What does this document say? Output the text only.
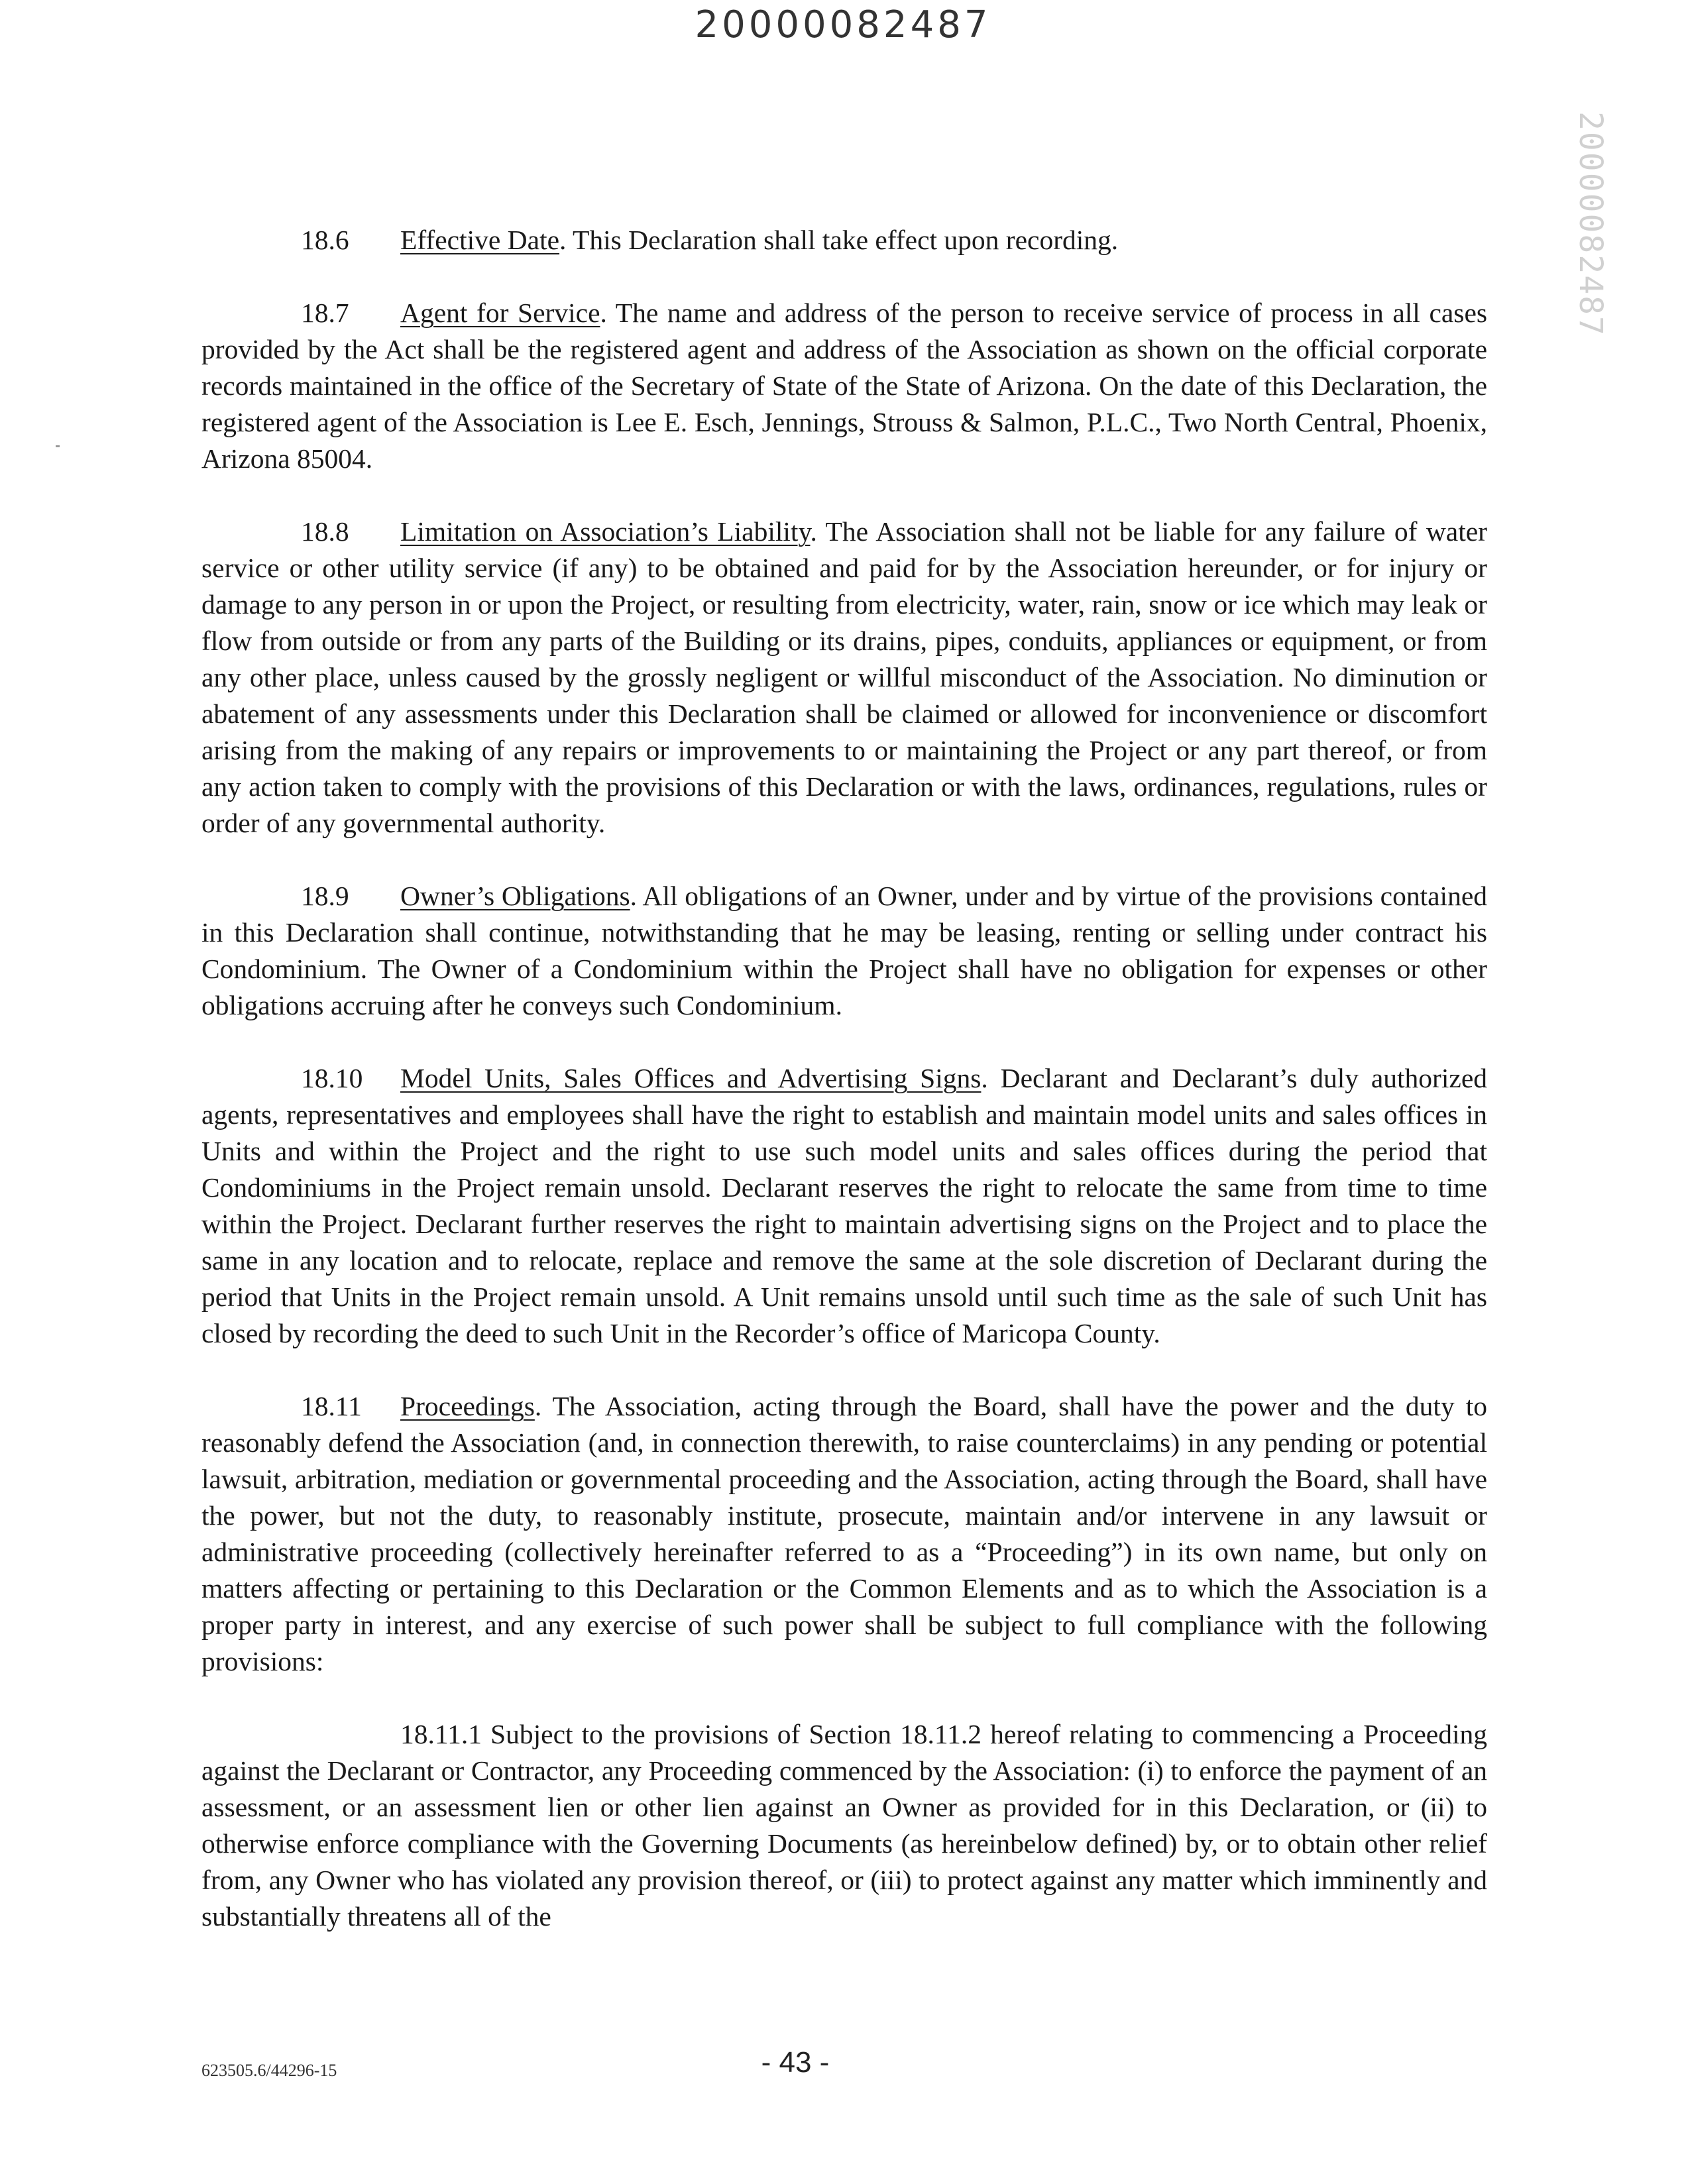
20000082487
20000082487

18.6 Effective Date. This Declaration shall take effect upon recording.

18.7 Agent for Service. The name and address of the person to receive service of process in all cases provided by the Act shall be the registered agent and address of the Association as shown on the official corporate records maintained in the office of the Secretary of State of the State of Arizona. On the date of this Declaration, the registered agent of the Association is Lee E. Esch, Jennings, Strouss & Salmon, P.L.C., Two North Central, Phoenix, Arizona 85004.

18.8 Limitation on Association’s Liability. The Association shall not be liable for any failure of water service or other utility service (if any) to be obtained and paid for by the Association hereunder, or for injury or damage to any person in or upon the Project, or resulting from electricity, water, rain, snow or ice which may leak or flow from outside or from any parts of the Building or its drains, pipes, conduits, appliances or equipment, or from any other place, unless caused by the grossly negligent or willful misconduct of the Association. No diminution or abatement of any assessments under this Declaration shall be claimed or allowed for inconvenience or discomfort arising from the making of any repairs or improvements to or maintaining the Project or any part thereof, or from any action taken to comply with the provisions of this Declaration or with the laws, ordinances, regulations, rules or order of any governmental authority.

18.9 Owner’s Obligations. All obligations of an Owner, under and by virtue of the provisions contained in this Declaration shall continue, notwithstanding that he may be leasing, renting or selling under contract his Condominium. The Owner of a Condominium within the Project shall have no obligation for expenses or other obligations accruing after he conveys such Condominium.

18.10 Model Units, Sales Offices and Advertising Signs. Declarant and Declarant’s duly authorized agents, representatives and employees shall have the right to establish and maintain model units and sales offices in Units and within the Project and the right to use such model units and sales offices during the period that Condominiums in the Project remain unsold. Declarant reserves the right to relocate the same from time to time within the Project. Declarant further reserves the right to maintain advertising signs on the Project and to place the same in any location and to relocate, replace and remove the same at the sole discretion of Declarant during the period that Units in the Project remain unsold. A Unit remains unsold until such time as the sale of such Unit has closed by recording the deed to such Unit in the Recorder’s office of Maricopa County.

18.11 Proceedings. The Association, acting through the Board, shall have the power and the duty to reasonably defend the Association (and, in connection therewith, to raise counterclaims) in any pending or potential lawsuit, arbitration, mediation or governmental proceeding and the Association, acting through the Board, shall have the power, but not the duty, to reasonably institute, prosecute, maintain and/or intervene in any lawsuit or administrative proceeding (collectively hereinafter referred to as a “Proceeding”) in its own name, but only on matters affecting or pertaining to this Declaration or the Common Elements and as to which the Association is a proper party in interest, and any exercise of such power shall be subject to full compliance with the following provisions:

18.11.1 Subject to the provisions of Section 18.11.2 hereof relating to commencing a Proceeding against the Declarant or Contractor, any Proceeding commenced by the Association: (i) to enforce the payment of an assessment, or an assessment lien or other lien against an Owner as provided for in this Declaration, or (ii) to otherwise enforce compliance with the Governing Documents (as hereinbelow defined) by, or to obtain other relief from, any Owner who has violated any provision thereof, or (iii) to protect against any matter which imminently and substantially threatens all of the

623505.6/44296-15	- 43 -
